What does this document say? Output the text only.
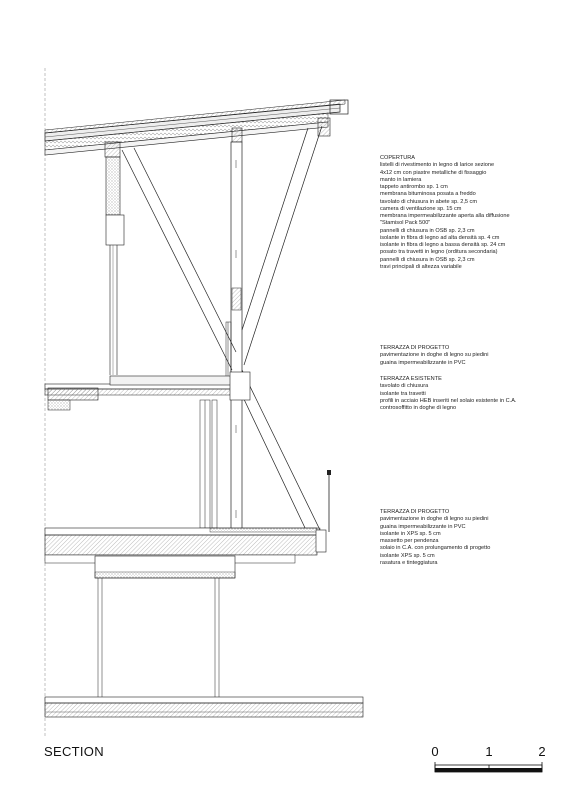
COPERTURA
listelli di rivestimento in legno di larice sezione
4x12 cm con piastre metalliche di fissaggio
manto in lamiera
tappeto antirombo sp. 1 cm
membrana bituminosa posata a freddo
tavolato di chiusura in abete sp. 2,5 cm
camera di ventilazione sp. 15 cm
membrana impermeabilizzante aperta alla diffusione
"Stamisol Pack 500"
pannelli di chiusura in OSB sp. 2,3 cm
isolante in fibra di legno ad alta densità sp. 4 cm
isolante in fibra di legno a bassa densità sp. 24 cm
posato tra travetti in legno (orditura secondaria)
pannelli di chiusura in OSB sp. 2,3 cm
travi principali di altezza variabile
TERRAZZA DI PROGETTO
pavimentazione in doghe di legno su piedini
guaina impermeabilizzante in PVC
TERRAZZA ESISTENTE
tavolato di chiusura
isolante tra travetti
profili in acciaio HEB inseriti nel solaio esistente in C.A.
controsoffitto in doghe di legno
TERRAZZA DI PROGETTO
pavimentazione in doghe di legno su piedini
guaina impermeabilizzante in PVC
isolante in XPS sp. 5 cm
massetto per pendenza
solaio in C.A. con prolungamento di progetto
isolante XPS sp. 5 cm
rasatura e tinteggiatura
SECTION	0	1	2
